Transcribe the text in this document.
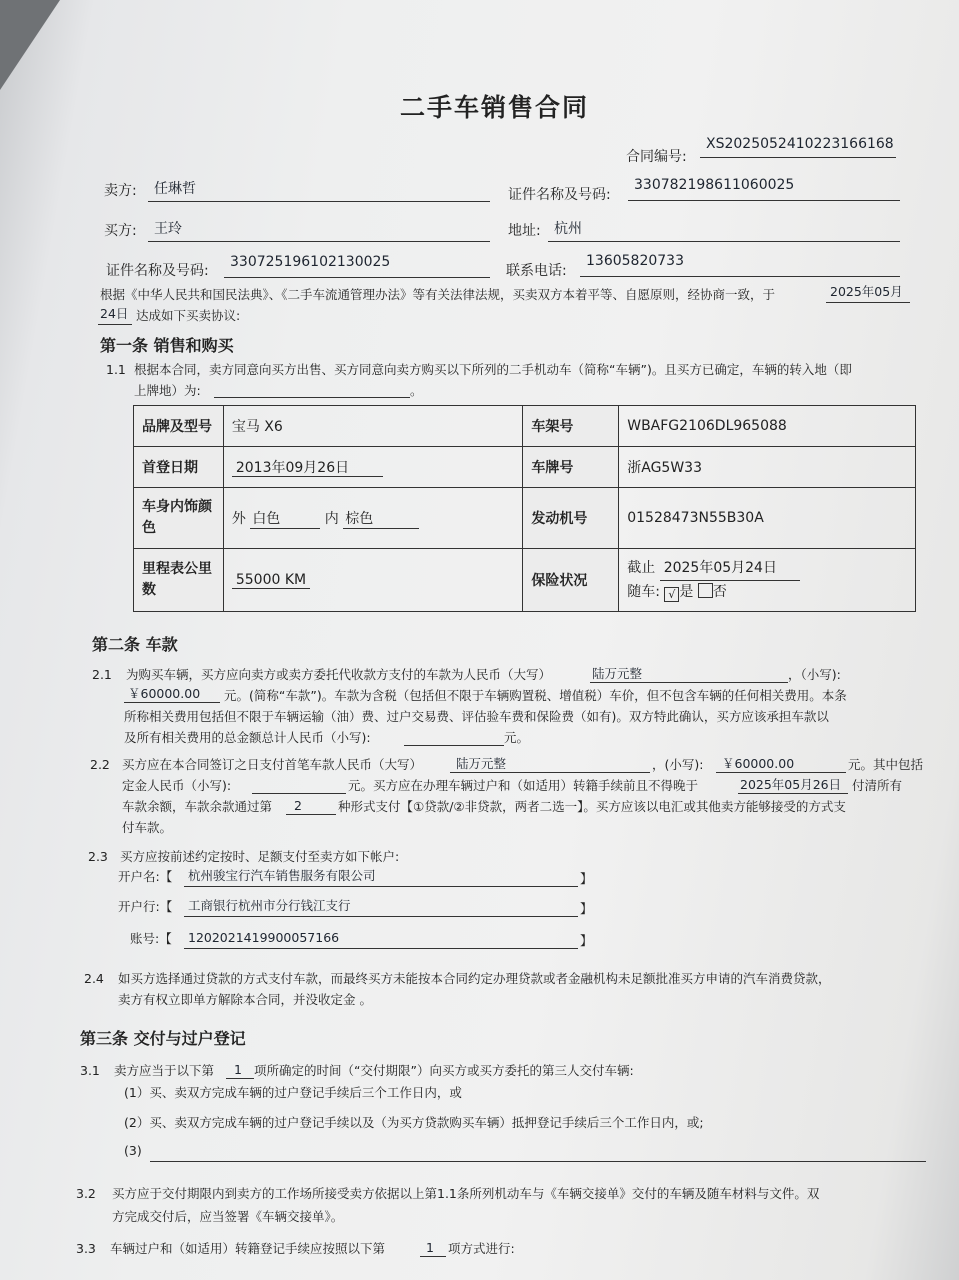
二手车销售合同
合同编号:
XS2025052410223166168
卖方:	任琳哲	证件名称及号码:
330782198611060025
买方:	王玲	地址: 杭州
证件名称及号码:
330725196102130025
联系电话:
13605820733
根据《中华人民共和国民法典》、《二手车流通管理办法》等有关法律法规，买卖双方本着平等、自愿原则，经协商一致，于	2025年05月
24日 达成如下买卖协议:
第一条 销售和购买
1.1 根据本合同，卖方同意向买方出售、买方同意向卖方购买以下所列的二手机动车（简称“车辆”)。且买方已确定，车辆的转入地（即
上牌地）为:	。
品牌及型号	宝马 X6	车架号	WBAFG2106DL965088
首登日期	2013年09月26日	车牌号	浙AG5W33
车身内饰颜色	外 白色 内 棕色	发动机号	01528473N55B30A
里程表公里数	55000 KM	保险状况	截止 2025年05月24日
随车: √ 是 否
第二条 车款
2.1 为购买车辆，买方应向卖方或卖方委托代收款方支付的车款为人民币（大写）	陆万元整	，（小写):
￥60000.00	元。(简称“车款”)。车款为含税（包括但不限于车辆购置税、增值税）车价，但不包含车辆的任何相关费用。本条
所称相关费用包括但不限于车辆运输（油）费、过户交易费、评估验车费和保险费（如有)。双方特此确认，买方应该承担车款以
及所有相关费用的总金额总计人民币（小写):	元。
2.2 买方应在本合同签订之日支付首笔车款人民币（大写）	陆万元整	，(小写):	￥60000.00	元。其中包括
定金人民币（小写):	元。买方应在办理车辆过户和（如适用）转籍手续前且不得晚于	2025年05月26日 付清所有
车款余额，车款余款通过第	2	种形式支付【①贷款/②非贷款，两者二选一】。买方应该以电汇或其他卖方能够接受的方式支
付车款。
2.3 买方应按前述约定按时、足额支付至卖方如下帐户:
开户名:【	杭州骏宝行汽车销售服务有限公司	】
开户行:【	工商银行杭州市分行钱江支行	】
账号:【	1202021419900057166	】
2.4 如买方选择通过贷款的方式支付车款，而最终买方未能按本合同约定办理贷款或者金融机构未足额批准买方申请的汽车消费贷款，
卖方有权立即单方解除本合同，并没收定金 。
第三条 交付与过户登记
3.1 卖方应当于以下第	1 项所确定的时间（“交付期限”）向买方或买方委托的第三人交付车辆:
(1）买、卖双方完成车辆的过户登记手续后三个工作日内，或
(2）买、卖双方完成车辆的过户登记手续以及（为买方贷款购买车辆）抵押登记手续后三个工作日内，或;
(3)
3.2 买方应于交付期限内到卖方的工作场所接受卖方依据以上第1.1条所列机动车与《车辆交接单》交付的车辆及随车材料与文件。双
方完成交付后，应当签署《车辆交接单》。
3.3 车辆过户和（如适用）转籍登记手续应按照以下第	1	项方式进行:
